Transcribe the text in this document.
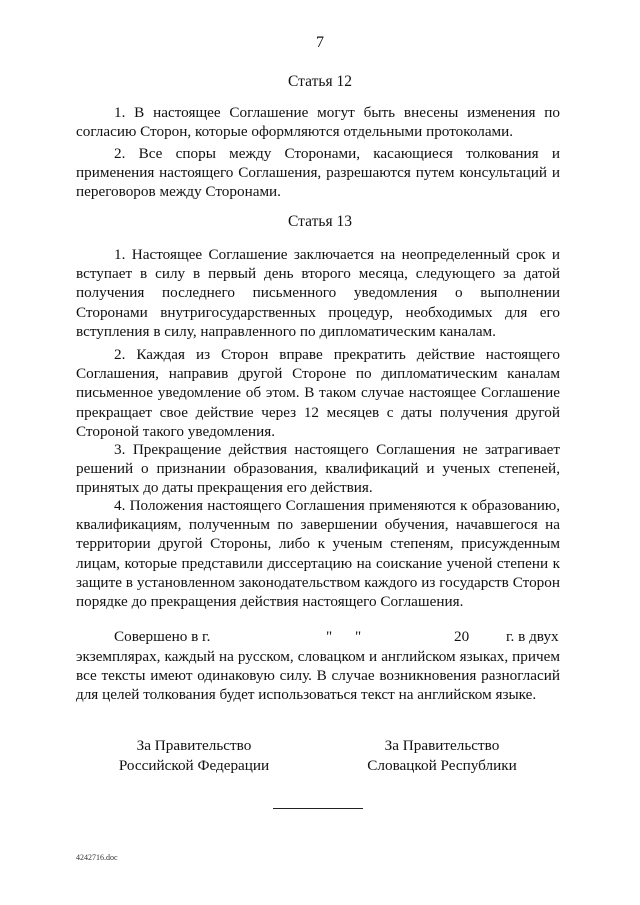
7
Статья 12
1. В настоящее Соглашение могут быть внесены изменения по согласию Сторон, которые оформляются отдельными протоколами.
2. Все споры между Сторонами, касающиеся толкования и применения настоящего Соглашения, разрешаются путем консультаций и переговоров между Сторонами.
Статья 13
1. Настоящее Соглашение заключается на неопределенный срок и вступает в силу в первый день второго месяца, следующего за датой получения последнего письменного уведомления о выполнении Сторонами внутригосударственных процедур, необходимых для его вступления в силу, направленного по дипломатическим каналам.
2. Каждая из Сторон вправе прекратить действие настоящего Соглашения, направив другой Стороне по дипломатическим каналам письменное уведомление об этом. В таком случае настоящее Соглашение прекращает свое действие через 12 месяцев с даты получения другой Стороной такого уведомления.
3. Прекращение действия настоящего Соглашения не затрагивает решений о признании образования, квалификаций и ученых степеней, принятых до даты прекращения его действия.
4. Положения настоящего Соглашения применяются к образованию, квалификациям, полученным по завершении обучения, начавшегося на территории другой Стороны, либо к ученым степеням, присужденным лицам, которые представили диссертацию на соискание ученой степени к защите в установленном законодательством каждого из государств Сторон порядке до прекращения действия настоящего Соглашения.
Совершено в г.	"      "	20 г. в двух
экземплярах, каждый на русском, словацком и английском языках, причем все тексты имеют одинаковую силу. В случае возникновения разногласий для целей толкования будет использоваться текст на английском языке.
За Правительство
Российской Федерации
За Правительство
Словацкой Республики
4242716.doc
